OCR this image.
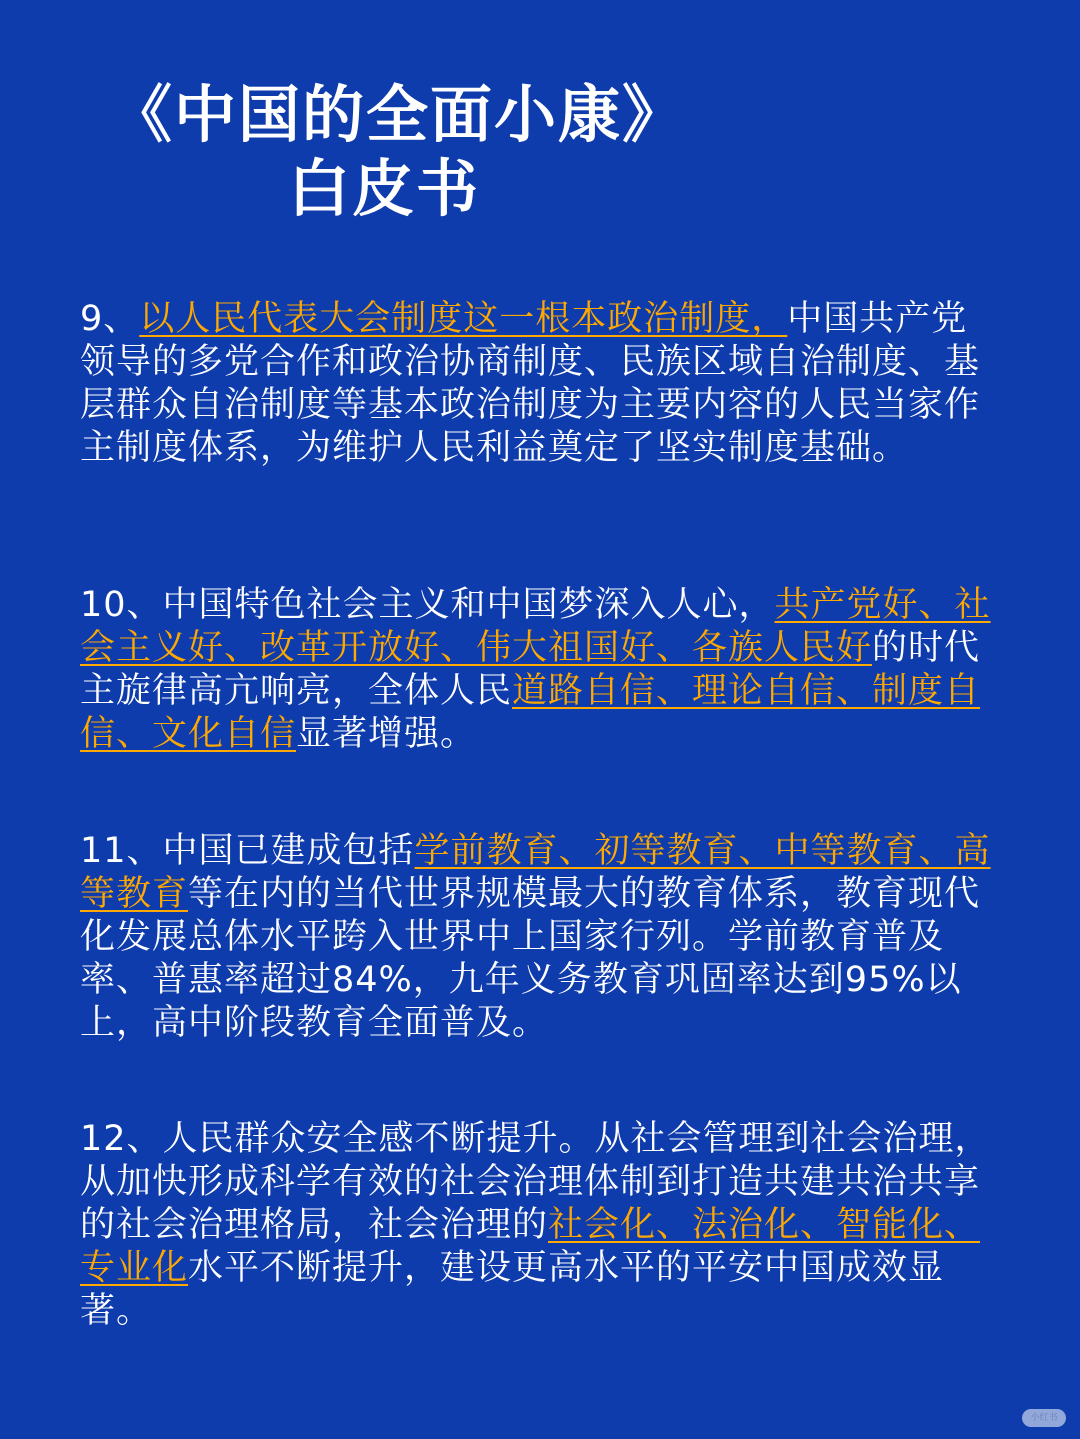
《中国的全面小康》
白皮书
9、以人民代表大会制度这一根本政治制度，中国共产党领导的多党合作和政治协商制度、民族区域自治制度、基层群众自治制度等基本政治制度为主要内容的人民当家作主制度体系，为维护人民利益奠定了坚实制度基础。
10、中国特色社会主义和中国梦深入人心，共产党好、社会主义好、改革开放好、伟大祖国好、各族人民好的时代主旋律高亢响亮，全体人民道路自信、理论自信、制度自信、文化自信显著增强。
11、中国已建成包括学前教育、初等教育、中等教育、高等教育等在内的当代世界规模最大的教育体系，教育现代化发展总体水平跨入世界中上国家行列。学前教育普及率、普惠率超过84%，九年义务教育巩固率达到95%以上，高中阶段教育全面普及。
12、人民群众安全感不断提升。从社会管理到社会治理，从加快形成科学有效的社会治理体制到打造共建共治共享的社会治理格局，社会治理的社会化、法治化、智能化、专业化水平不断提升，建设更高水平的平安中国成效显著。
小红书
